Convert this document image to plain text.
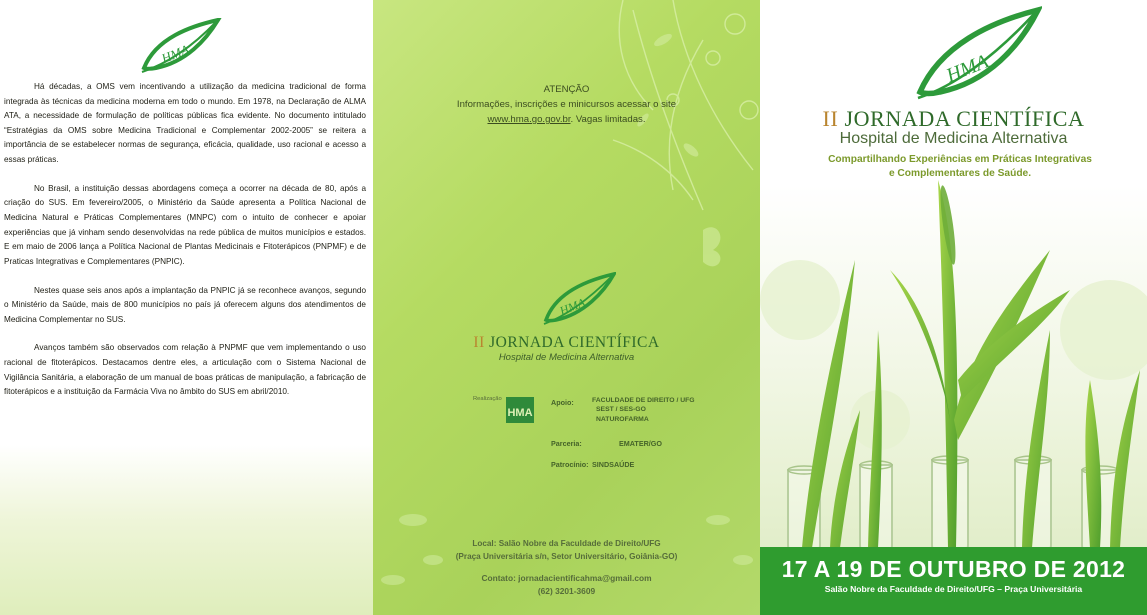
HMA

Há décadas, a OMS vem incentivando a utilização da medicina tradicional de forma integrada às técnicas da medicina moderna em todo o mundo. Em 1978, na Declaração de ALMA ATA, a necessidade de formulação de políticas públicas fica evidente. No documento intitulado “Estratégias da OMS sobre Medicina Tradicional e Complementar 2002-2005” se reitera a importância de se estabelecer normas de segurança, eficácia, qualidade, uso racional e acesso a essas práticas.

No Brasil, a instituição dessas abordagens começa a ocorrer na década de 80, após a criação do SUS. Em fevereiro/2005, o Ministério da Saúde apresenta a Política Nacional de Medicina Natural e Práticas Complementares (MNPC) com o intuito de conhecer e apoiar experiências que já vinham sendo desenvolvidas na rede pública de muitos municípios e estados. E em maio de 2006 lança a Política Nacional de Plantas Medicinais e Fitoterápicos (PNPMF) e de Praticas Integrativas e Complementares (PNPIC).

Nestes quase seis anos após a implantação da PNPIC já se reconhece avanços, segundo o Ministério da Saúde, mais de 800 municípios no país já oferecem alguns dos atendimentos de Medicina Complementar no SUS.

Avanços também são observados com relação à PNPMF que vem implementando o uso racional de fitoterápicos. Destacamos dentre eles, a articulação com o Sistema Nacional de Vigilância Sanitária, a elaboração de um manual de boas práticas de manipulação, a fabricação de fitoterápicos e a instituição da Farmácia Viva no âmbito do SUS em abril/2010.

ATENÇÃO
Informações, inscrições e minicursos acessar o site
www.hma.go.gov.br. Vagas limitadas.
HMA
II JORNADA CIENTÍFICA
Hospital de Medicina Alternativa
Realização
HMA
Apoio:	FACULDADE DE DIREITO / UFG
SEST / SES-GO
NATUROFARMA
Parceria:	EMATER/GO
Patrocínio: SINDSAÚDE
Local: Salão Nobre da Faculdade de Direito/UFG
(Praça Universitária s/n, Setor Universitário, Goiânia-GO)
Contato: jornadacientificahma@gmail.com
(62) 3201-3609
HMA
II JORNADA CIENTÍFICA
Hospital de Medicina Alternativa
Compartilhando Experiências em Práticas Integrativas
e Complementares de Saúde.
17 A 19 DE OUTUBRO DE 2012
Salão Nobre da Faculdade de Direito/UFG – Praça Universitária
